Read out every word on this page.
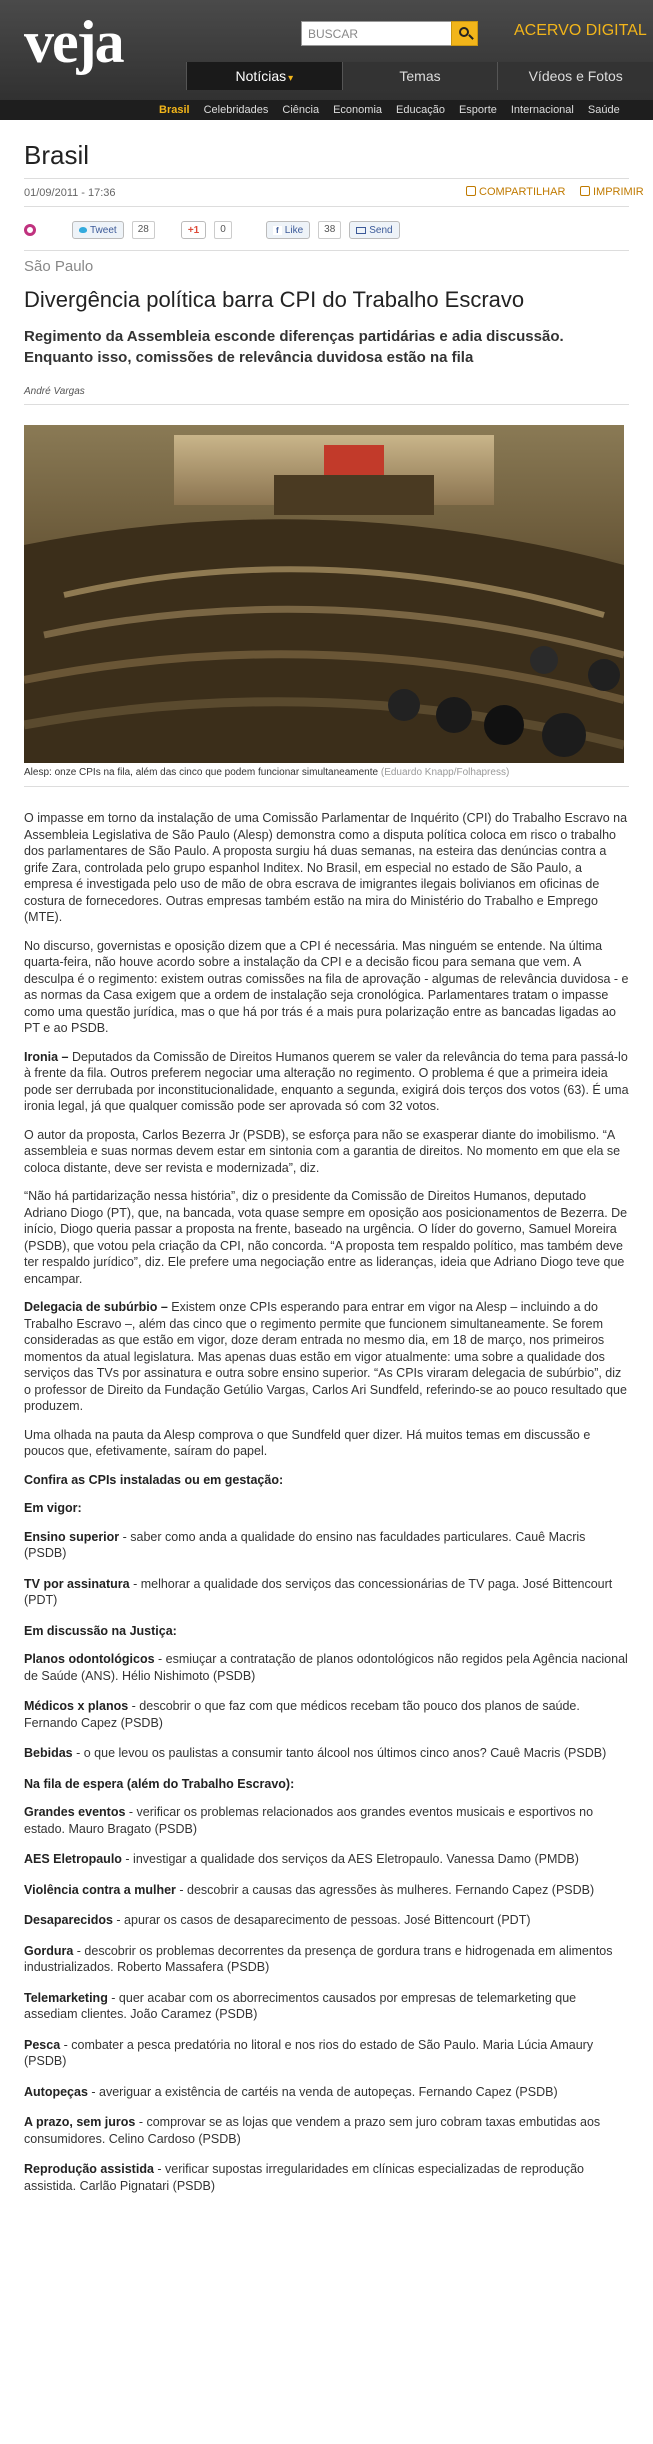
veja	BUSCAR	ACERVO DIGITAL
Notícias ▾	Temas	Vídeos e Fotos
Brasil Celebridades Ciência Economia Educação Esporte Internacional Saúde
Brasil
01/09/2011 - 17:36	COMPARTILHAR	IMPRIMIR
Tweet	28	+1	0	f Like	38	Send
São Paulo
Divergência política barra CPI do Trabalho Escravo
Regimento da Assembleia esconde diferenças partidárias e adia discussão. Enquanto isso, comissões de relevância duvidosa estão na fila
André Vargas
Alesp: onze CPIs na fila, além das cinco que podem funcionar simultaneamente (Eduardo Knapp/Folhapress)

O impasse em torno da instalação de uma Comissão Parlamentar de Inquérito (CPI) do Trabalho Escravo na Assembleia Legislativa de São Paulo (Alesp) demonstra como a disputa política coloca em risco o trabalho dos parlamentares de São Paulo. A proposta surgiu há duas semanas, na esteira das denúncias contra a grife Zara, controlada pelo grupo espanhol Inditex. No Brasil, em especial no estado de São Paulo, a empresa é investigada pelo uso de mão de obra escrava de imigrantes ilegais bolivianos em oficinas de costura de fornecedores. Outras empresas também estão na mira do Ministério do Trabalho e Emprego (MTE).

No discurso, governistas e oposição dizem que a CPI é necessária. Mas ninguém se entende. Na última quarta-feira, não houve acordo sobre a instalação da CPI e a decisão ficou para semana que vem. A desculpa é o regimento: existem outras comissões na fila de aprovação - algumas de relevância duvidosa - e as normas da Casa exigem que a ordem de instalação seja cronológica. Parlamentares tratam o impasse como uma questão jurídica, mas o que há por trás é a mais pura polarização entre as bancadas ligadas ao PT e ao PSDB.

Ironia – Deputados da Comissão de Direitos Humanos querem se valer da relevância do tema para passá-lo à frente da fila. Outros preferem negociar uma alteração no regimento. O problema é que a primeira ideia pode ser derrubada por inconstitucionalidade, enquanto a segunda, exigirá dois terços dos votos (63). É uma ironia legal, já que qualquer comissão pode ser aprovada só com 32 votos.

O autor da proposta, Carlos Bezerra Jr (PSDB), se esforça para não se exasperar diante do imobilismo. “A assembleia e suas normas devem estar em sintonia com a garantia de direitos. No momento em que ela se coloca distante, deve ser revista e modernizada”, diz.

“Não há partidarização nessa história”, diz o presidente da Comissão de Direitos Humanos, deputado Adriano Diogo (PT), que, na bancada, vota quase sempre em oposição aos posicionamentos de Bezerra. De início, Diogo queria passar a proposta na frente, baseado na urgência. O líder do governo, Samuel Moreira (PSDB), que votou pela criação da CPI, não concorda. “A proposta tem respaldo político, mas também deve ter respaldo jurídico”, diz. Ele prefere uma negociação entre as lideranças, ideia que Adriano Diogo teve que encampar.

Delegacia de subúrbio – Existem onze CPIs esperando para entrar em vigor na Alesp – incluindo a do Trabalho Escravo –, além das cinco que o regimento permite que funcionem simultaneamente. Se forem consideradas as que estão em vigor, doze deram entrada no mesmo dia, em 18 de março, nos primeiros momentos da atual legislatura. Mas apenas duas estão em vigor atualmente: uma sobre a qualidade dos serviços das TVs por assinatura e outra sobre ensino superior. “As CPIs viraram delegacia de subúrbio”, diz o professor de Direito da Fundação Getúlio Vargas, Carlos Ari Sundfeld, referindo-se ao pouco resultado que produzem.

Uma olhada na pauta da Alesp comprova o que Sundfeld quer dizer. Há muitos temas em discussão e poucos que, efetivamente, saíram do papel.

Confira as CPIs instaladas ou em gestação:

Em vigor:

Ensino superior - saber como anda a qualidade do ensino nas faculdades particulares. Cauê Macris (PSDB)
TV por assinatura - melhorar a qualidade dos serviços das concessionárias de TV paga. José Bittencourt (PDT)

Em discussão na Justiça:

Planos odontológicos - esmiuçar a contratação de planos odontológicos não regidos pela Agência nacional de Saúde (ANS). Hélio Nishimoto (PSDB)
Médicos x planos - descobrir o que faz com que médicos recebam tão pouco dos planos de saúde. Fernando Capez (PSDB)
Bebidas - o que levou os paulistas a consumir tanto álcool nos últimos cinco anos? Cauê Macris (PSDB)

Na fila de espera (além do Trabalho Escravo):

Grandes eventos - verificar os problemas relacionados aos grandes eventos musicais e esportivos no estado. Mauro Bragato (PSDB)
AES Eletropaulo - investigar a qualidade dos serviços da AES Eletropaulo. Vanessa Damo (PMDB)
Violência contra a mulher - descobrir a causas das agressões às mulheres. Fernando Capez (PSDB)
Desaparecidos - apurar os casos de desaparecimento de pessoas. José Bittencourt (PDT)
Gordura - descobrir os problemas decorrentes da presença de gordura trans e hidrogenada em alimentos industrializados. Roberto Massafera (PSDB)
Telemarketing - quer acabar com os aborrecimentos causados por empresas de telemarketing que assediam clientes. João Caramez (PSDB)
Pesca - combater a pesca predatória no litoral e nos rios do estado de São Paulo. Maria Lúcia Amaury (PSDB)
Autopeças - averiguar a existência de cartéis na venda de autopeças. Fernando Capez (PSDB)
A prazo, sem juros - comprovar se as lojas que vendem a prazo sem juro cobram taxas embutidas aos consumidores. Celino Cardoso (PSDB)
Reprodução assistida - verificar supostas irregularidades em clínicas especializadas de reprodução assistida. Carlão Pignatari (PSDB)
